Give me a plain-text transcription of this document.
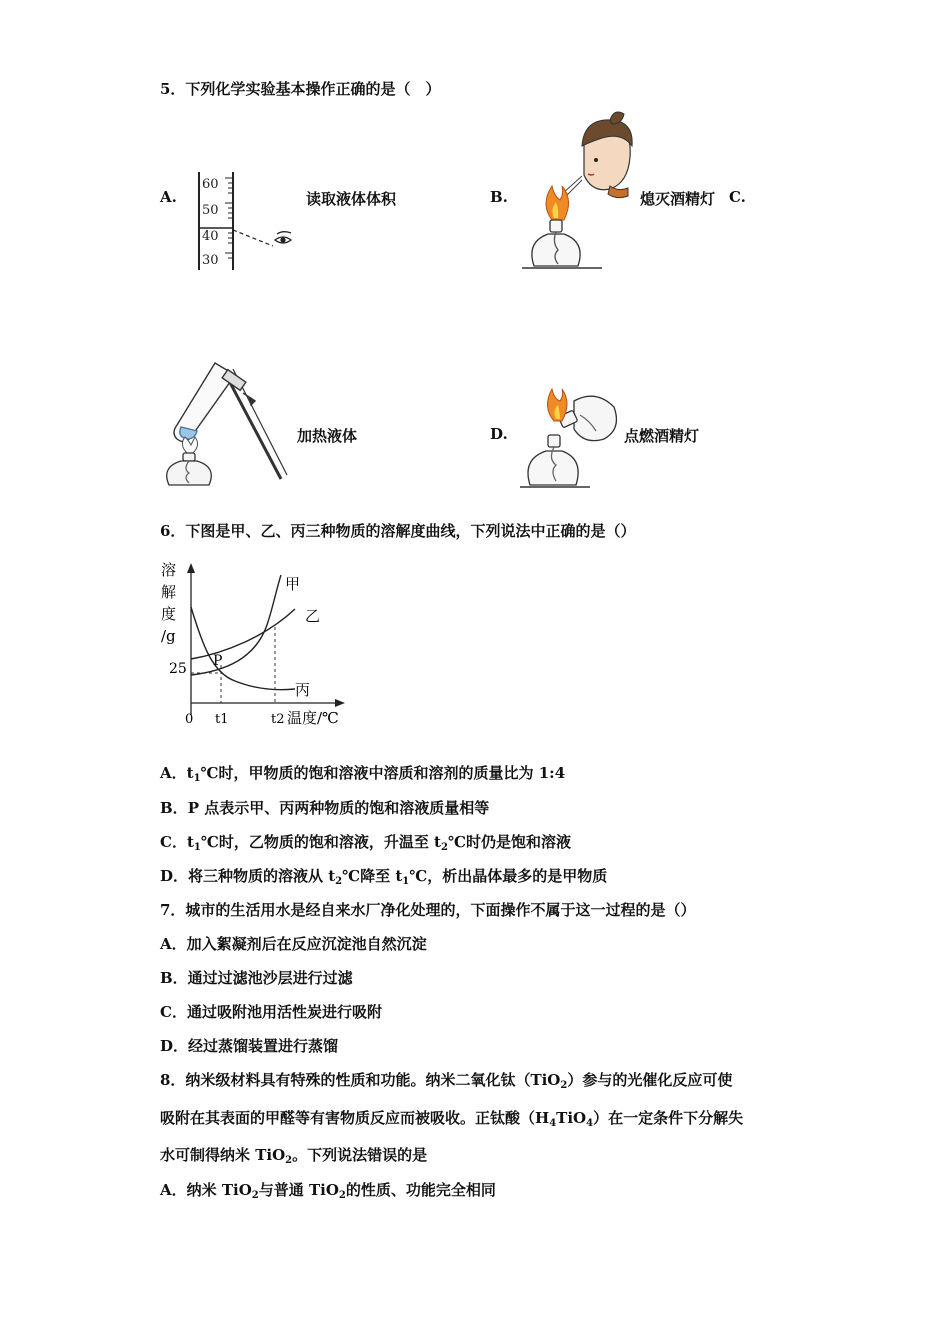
5．下列化学实验基本操作正确的是（　）
A.
60
50
40
30
读取液体体积	B.	熄灭酒精灯 C.
加热液体	D.	点燃酒精灯
6．下图是甲、乙、丙三种物质的溶解度曲线，下列说法中正确的是（）
溶
解
度
/g
25
0 t1	t2 温度/℃
甲
乙
丙
P
A．$t_1℃$时，甲物质的饱和溶液中溶质和溶剂的质量比为 1:4
B．P 点表示甲、丙两种物质的饱和溶液质量相等
C．$t_1℃$时，乙物质的饱和溶液，升温至 $t_2℃$时仍是饱和溶液
D．将三种物质的溶液从 $t_2℃$降至 $t_1℃$，析出晶体最多的是甲物质
7．城市的生活用水是经自来水厂净化处理的，下面操作不属于这一过程的是（）
A．加入絮凝剂后在反应沉淀池自然沉淀
B．通过过滤池沙层进行过滤
C．通过吸附池用活性炭进行吸附
D．经过蒸馏装置进行蒸馏
8．纳米级材料具有特殊的性质和功能。纳米二氧化钛（TiO$_2$）参与的光催化反应可使
吸附在其表面的甲醛等有害物质反应而被吸收。正钛酸$(H_4TiO_4)$在一定条件下分解失
水可制得纳米 TiO$_2$。下列说法错误的是
A．纳米 TiO$_2$与普通 TiO$_2$的性质、功能完全相同
